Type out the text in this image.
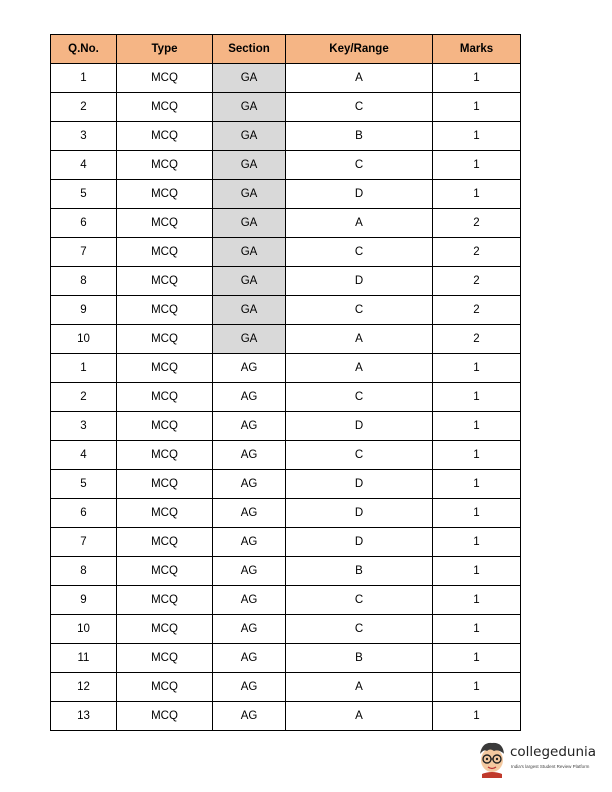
Q.No.	Type	Section	Key/Range	Marks
1	MCQ	GA	A	1
2	MCQ	GA	C	1
3	MCQ	GA	B	1
4	MCQ	GA	C	1
5	MCQ	GA	D	1
6	MCQ	GA	A	2
7	MCQ	GA	C	2
8	MCQ	GA	D	2
9	MCQ	GA	C	2
10	MCQ	GA	A	2
1	MCQ	AG	A	1
2	MCQ	AG	C	1
3	MCQ	AG	D	1
4	MCQ	AG	C	1
5	MCQ	AG	D	1
6	MCQ	AG	D	1
7	MCQ	AG	D	1
8	MCQ	AG	B	1
9	MCQ	AG	C	1
10	MCQ	AG	C	1
11	MCQ	AG	B	1
12	MCQ	AG	A	1
13	MCQ	AG	A	1
collegedunia
India's largest Student Review Platform
